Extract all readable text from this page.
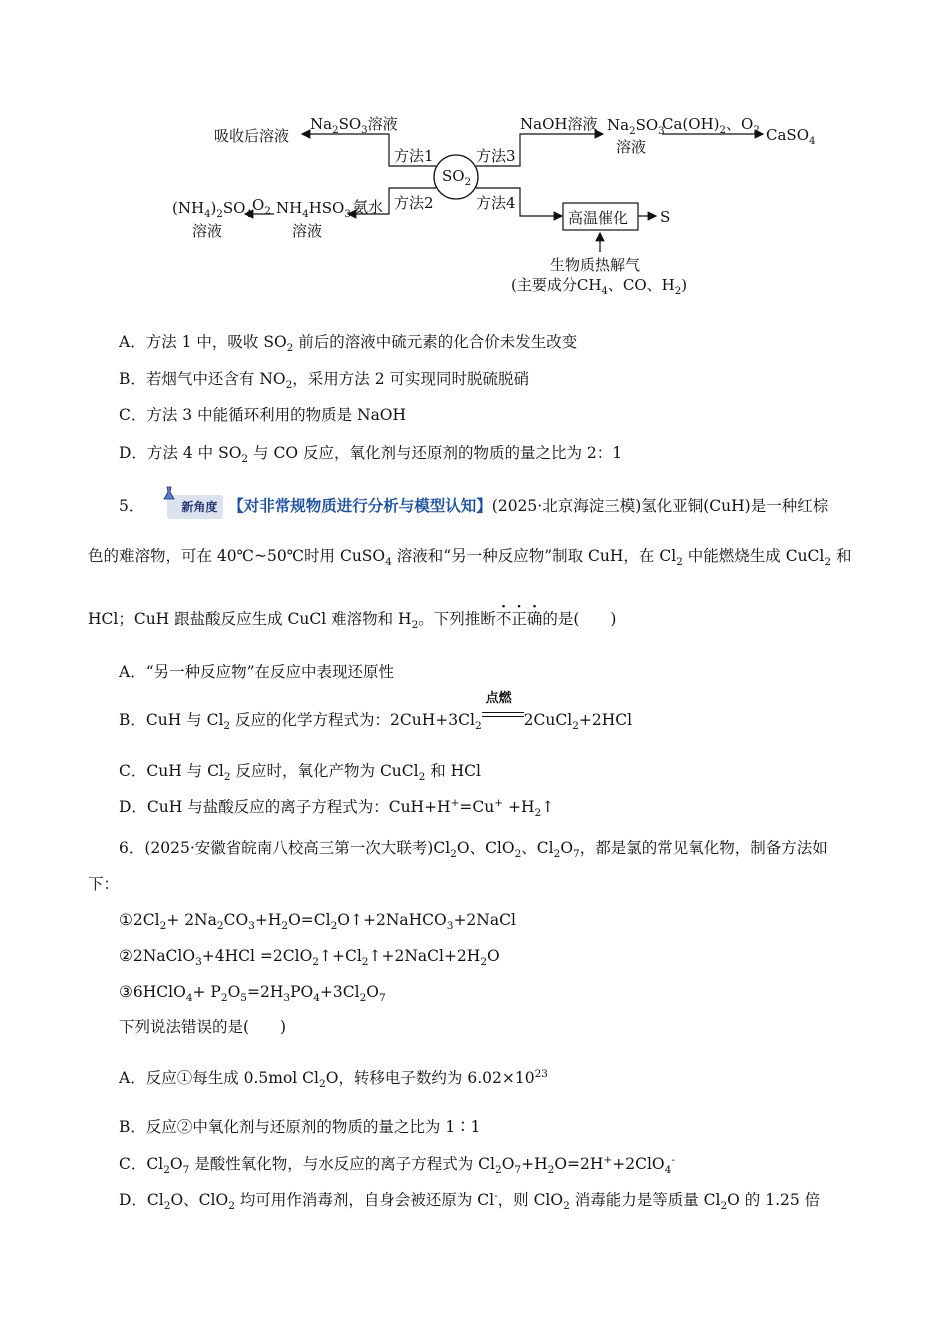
吸收后溶液
$Na_2SO_3$溶液
方法1
方法2
方法3
方法4
$SO_2$
NaOH溶液 $Na_2SO_3$
溶液
$Ca(OH)_2$、$O_2$ CaSO$_4$
氨水
$NH_4HSO_3$
溶液
$O_2$
$(NH_4)_2SO_4$
溶液
高温催化 S
生物质热解气
(主要成分$CH_4$、CO、$H_2$)
A．方法 1 中，吸收 $SO_2$ 前后的溶液中硫元素的化合价未发生改变
B．若烟气中还含有 $NO_2$，采用方法 2 可实现同时脱硫脱硝
C．方法 3 中能循环利用的物质是 NaOH
D．方法 4 中 $SO_2$ 与 CO 反应，氧化剂与还原剂的物质的量之比为 2：1
5．	新角度 【对非常规物质进行分析与模型认知】(2025·北京海淀三模)氢化亚铜(CuH)是一种红棕
色的难溶物，可在 40℃~50℃时用 CuSO$_4$ 溶液和“另一种反应物”制取 CuH，在 $Cl_2$ 中能燃烧生成 CuCl$_2$ 和
HCl；CuH 跟盐酸反应生成 CuCl 难溶物和 $H_2$。下列推断不正确的是(　　)
A．“另一种反应物”在反应中表现还原性
B．CuH 与 $Cl_2$ 反应的化学方程式为：$2CuH+3Cl_2$
点燃
2CuCl$_2$+2HCl
C．CuH 与 $Cl_2$ 反应时，氧化产物为 CuCl$_2$ 和 HCl
D．CuH 与盐酸反应的离子方程式为：$CuH+H^+=Cu^+ +H_2↑$
6．(2025·安徽省皖南八校高三第一次大联考)$Cl_2O$、ClO$_2$、$Cl_2O_7$，都是氯的常见氧化物，制备方法如
下：
$①2Cl_2+$ $2Na_2CO_3+H_2O=Cl_2O↑+2NaHCO_3+2NaCl$
②2NaClO$_3$+4HCl $=2ClO_2↑+Cl_2↑+2NaCl+2H_2O$
③6HClO$_4$+ $P_2O_5=2H_3PO_4+3Cl_2O_7$
下列说法错误的是(　　)
A．反应①每生成 0.5mol $Cl_2O$，转移电子数约为 $6.02\times 10^{23}$
B．反应②中氧化剂与还原剂的物质的量之比为 1∶1
C．$Cl_2O_7$ 是酸性氧化物，与水反应的离子方程式为 $Cl_2O_7+H_2O=2H^++2ClO_4^-$
D．$Cl_2O$、ClO$_2$ 均可用作消毒剂，自身会被还原为 Cl-，则 ClO$_2$ 消毒能力是等质量 $Cl_2O$ 的 1.25 倍
